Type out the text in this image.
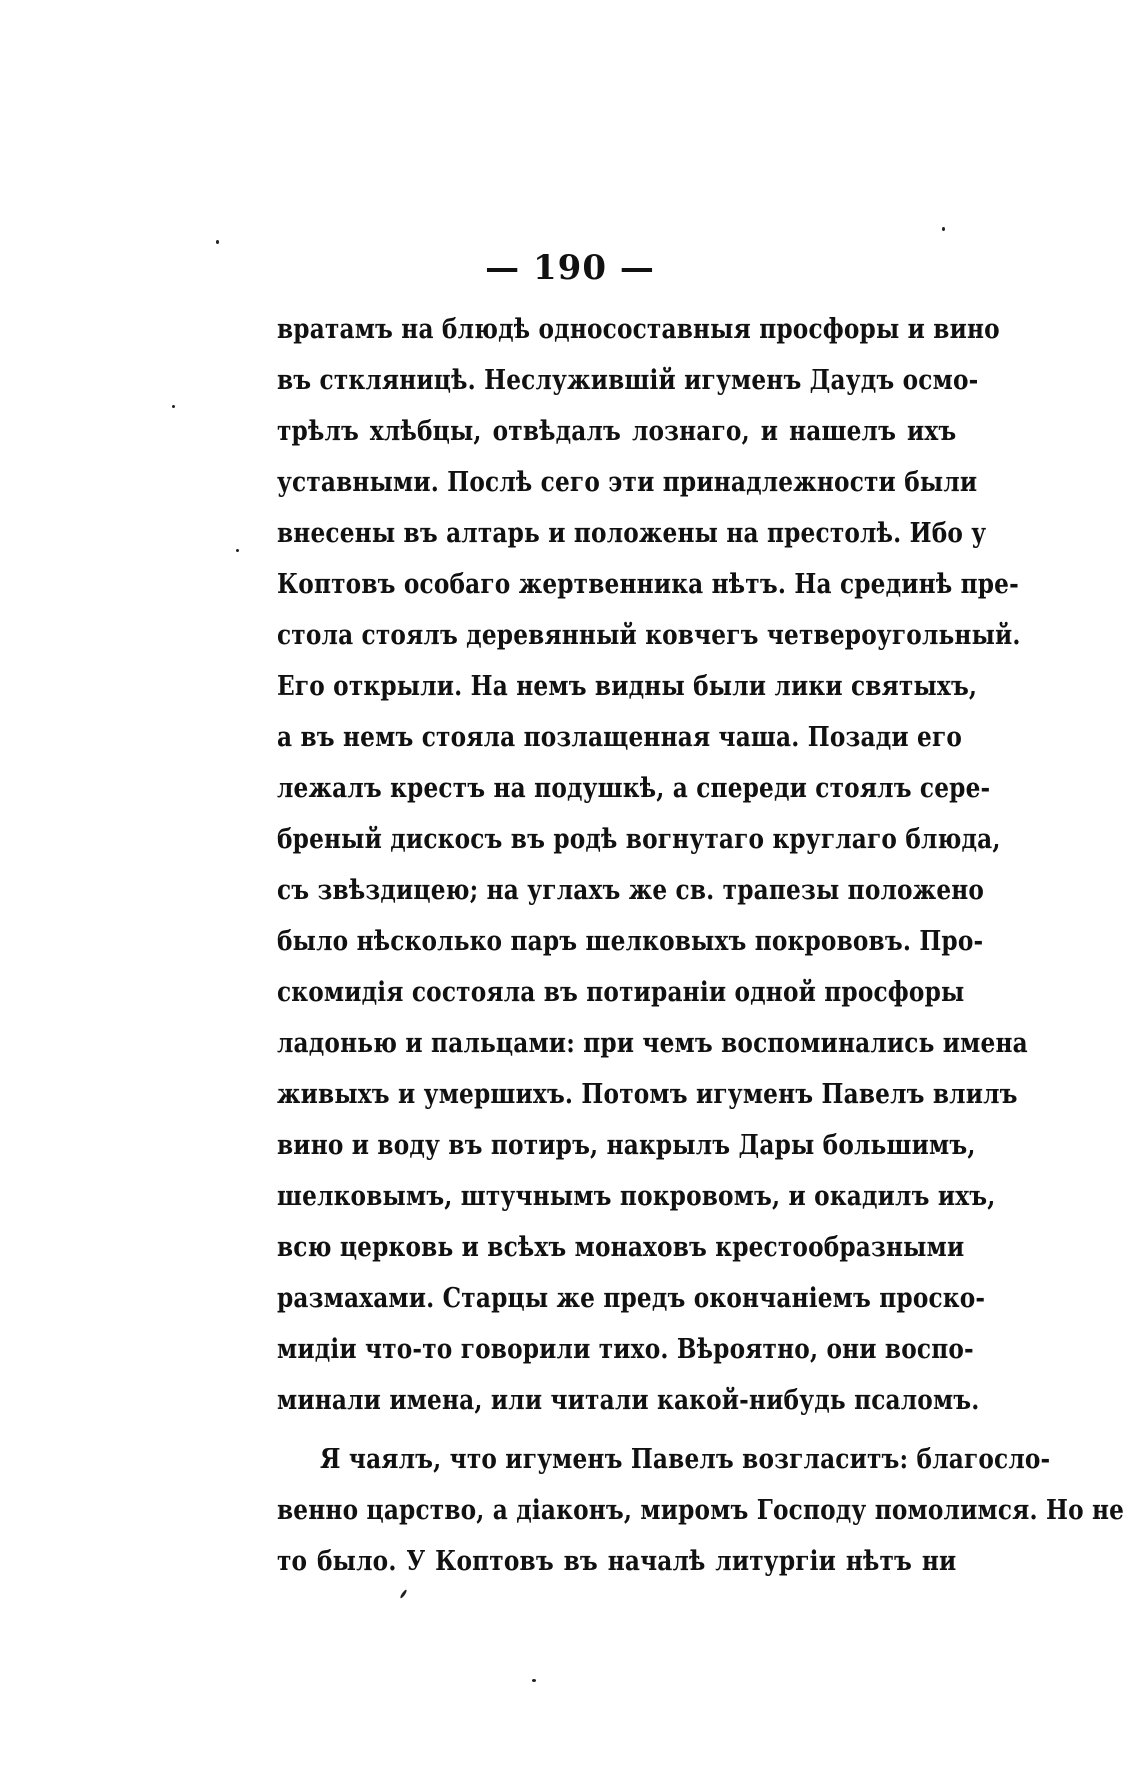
— 190 —
вратамъ на блюдѣ односоставныя просфоры и вино
въ сткляницѣ. Неслужившій игуменъ Даудъ осмо-
трѣлъ хлѣбцы, отвѣдалъ лознаго, и нашелъ ихъ
уставными. Послѣ сего эти принадлежности были
внесены въ алтарь и положены на престолѣ. Ибо у
Коптовъ особаго жертвенника нѣтъ. На срединѣ пре-
стола стоялъ деревянный ковчегъ четвероугольный.
Его открыли. На немъ видны были лики святыхъ,
а въ немъ стояла позлащенная чаша. Позади его
лежалъ крестъ на подушкѣ, а спереди стоялъ сере-
бреный дискосъ въ родѣ вогнутаго круглаго блюда,
съ звѣздицею; на углахъ же св. трапезы положено
было нѣсколько паръ шелковыхъ покрововъ. Про-
скомидія состояла въ потираніи одной просфоры
ладонью и пальцами: при чемъ воспоминались имена
живыхъ и умершихъ. Потомъ игуменъ Павелъ влилъ
вино и воду въ потиръ, накрылъ Дары большимъ,
шелковымъ, штучнымъ покровомъ, и окадилъ ихъ,
всю церковь и всѣхъ монаховъ крестообразными
размахами. Старцы же предъ окончаніемъ проско-
мидіи что-то говорили тихо. Вѣроятно, они воспо-
минали имена, или читали какой-нибудь псаломъ.
Я чаялъ, что игуменъ Павелъ возгласитъ: благосло-
венно царство, а діаконъ, миромъ Господу помолимся. Но не
то было. У Коптовъ въ началѣ литургіи нѣтъ ни
